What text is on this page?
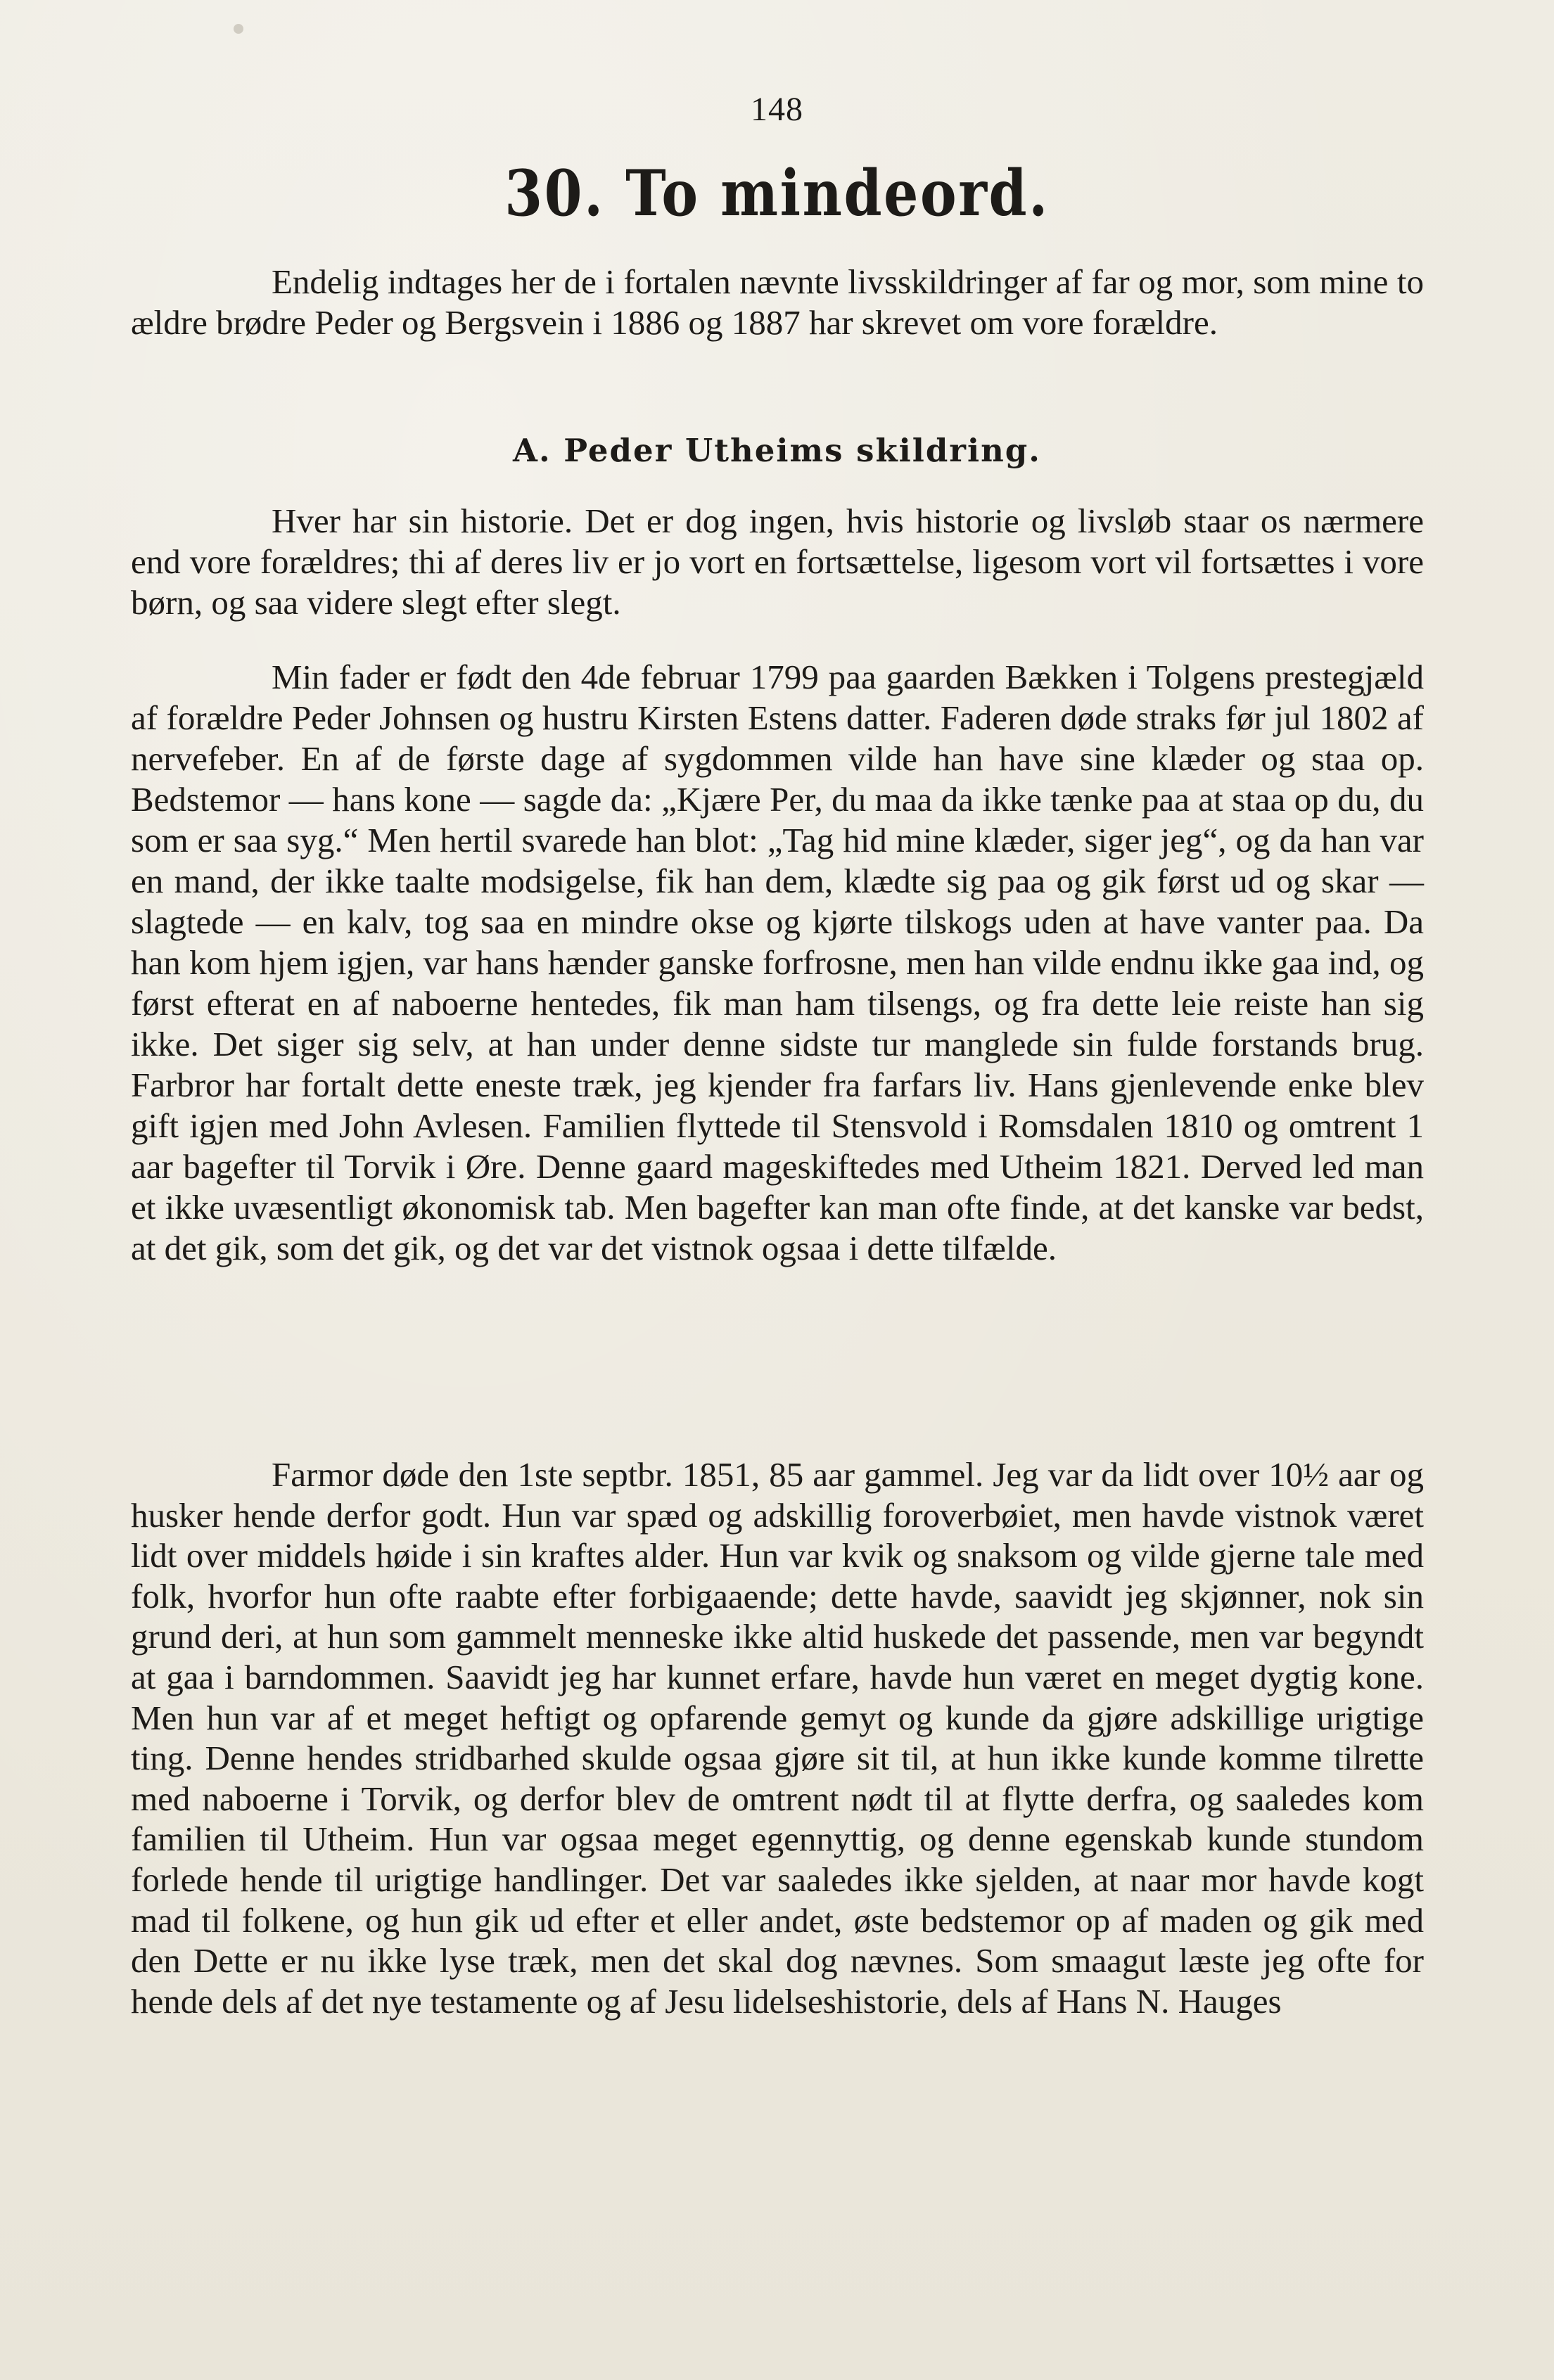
148
30. To mindeord.

Endelig indtages her de i fortalen nævnte livsskildringer af far og mor, som mine to ældre brødre Peder og Bergsvein i 1886 og 1887 har skrevet om vore forældre.

A. Peder Utheims skildring.

Hver har sin historie. Det er dog ingen, hvis historie og livsløb staar os nærmere end vore forældres; thi af deres liv er jo vort en fortsættelse, ligesom vort vil fortsættes i vore børn, og saa videre slegt efter slegt.

Min fader er født den 4de februar 1799 paa gaarden Bækken i Tolgens prestegjæld af forældre Peder Johnsen og hustru Kirsten Estens datter. Faderen døde straks før jul 1802 af nervefeber. En af de første dage af sygdommen vilde han have sine klæder og staa op. Bedstemor — hans kone — sagde da: „Kjære Per, du maa da ikke tænke paa at staa op du, du som er saa syg.“ Men hertil svarede han blot: „Tag hid mine klæder, siger jeg“, og da han var en mand, der ikke taalte modsigelse, fik han dem, klædte sig paa og gik først ud og skar — slagtede — en kalv, tog saa en mindre okse og kjørte tilskogs uden at have vanter paa. Da han kom hjem igjen, var hans hænder ganske forfrosne, men han vilde endnu ikke gaa ind, og først efterat en af naboerne hentedes, fik man ham tilsengs, og fra dette leie reiste han sig ikke. Det siger sig selv, at han under denne sidste tur manglede sin fulde forstands brug. Farbror har fortalt dette eneste træk, jeg kjender fra farfars liv. Hans gjenlevende enke blev gift igjen med John Avlesen. Familien flyttede til Stensvold i Romsdalen 1810 og omtrent 1 aar bagefter til Torvik i Øre. Denne gaard mageskiftedes med Utheim 1821. Derved led man et ikke uvæsentligt økonomisk tab. Men bagefter kan man ofte finde, at det kanske var bedst, at det gik, som det gik, og det var det vistnok ogsaa i dette tilfælde.

Farmor døde den 1ste septbr. 1851, 85 aar gammel. Jeg var da lidt over 10½ aar og husker hende derfor godt. Hun var spæd og adskillig foroverbøiet, men havde vistnok været lidt over middels høide i sin kraftes alder. Hun var kvik og snaksom og vilde gjerne tale med folk, hvorfor hun ofte raabte efter forbigaaende; dette havde, saavidt jeg skjønner, nok sin grund deri, at hun som gammelt menneske ikke altid huskede det passende, men var begyndt at gaa i barndommen. Saavidt jeg har kunnet erfare, havde hun været en meget dygtig kone. Men hun var af et meget heftigt og opfarende gemyt og kunde da gjøre adskillige urigtige ting. Denne hendes stridbarhed skulde ogsaa gjøre sit til, at hun ikke kunde komme tilrette med naboerne i Torvik, og derfor blev de omtrent nødt til at flytte derfra, og saaledes kom familien til Utheim. Hun var ogsaa meget egennyttig, og denne egenskab kunde stundom forlede hende til urigtige handlinger. Det var saaledes ikke sjelden, at naar mor havde kogt mad til folkene, og hun gik ud efter et eller andet, øste bedstemor op af maden og gik med den Dette er nu ikke lyse træk, men det skal dog nævnes. Som smaagut læste jeg ofte for hende dels af det nye testamente og af Jesu lidelseshistorie, dels af Hans N. Hauges
